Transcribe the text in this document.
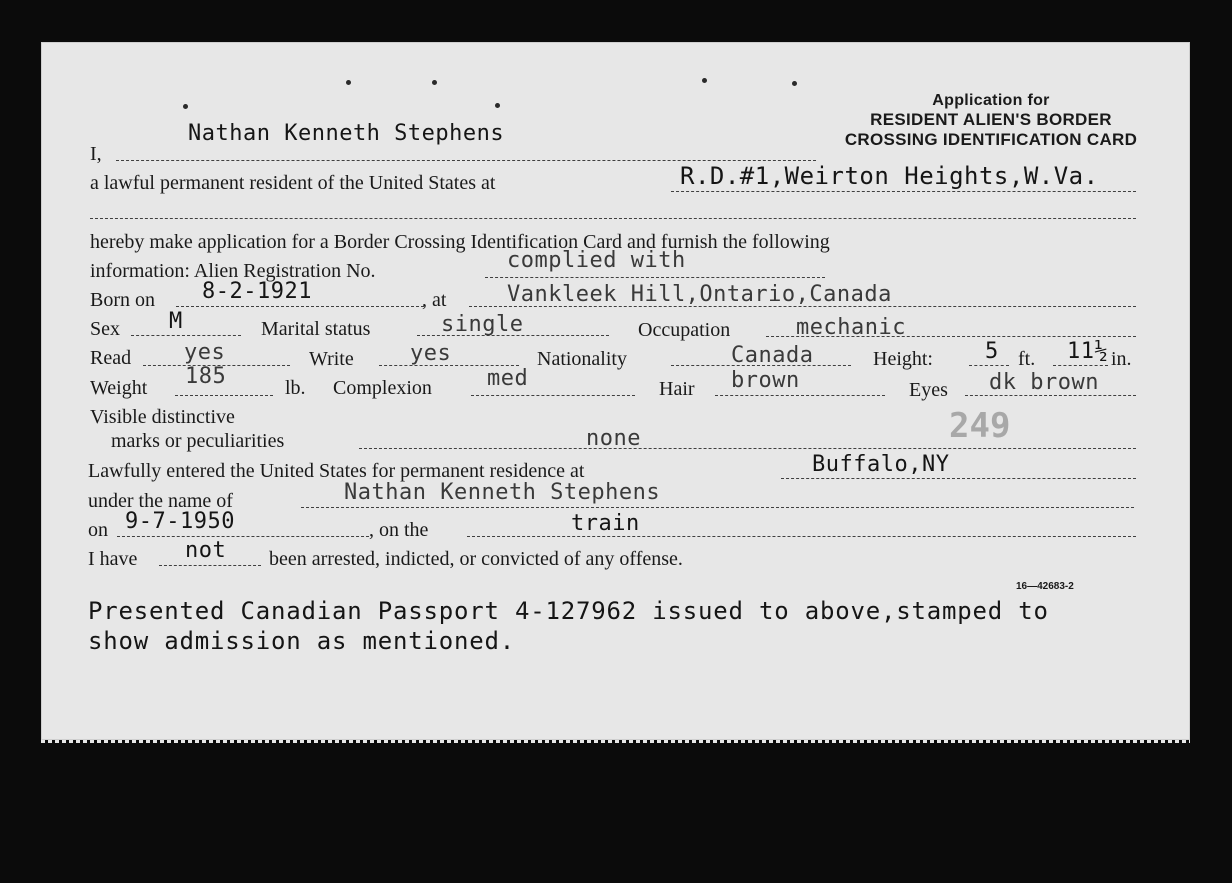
Application for
RESIDENT ALIEN'S BORDER
CROSSING IDENTIFICATION CARD
I,
Nathan Kenneth Stephens
a lawful permanent resident of the United States at	R.D.#1,Weirton Heights,W.Va.
hereby make application for a Border Crossing Identification Card and furnish the following
information: Alien Registration No.	complied with
Born on 8-2-1921	, at	Vankleek Hill,Ontario,Canada
Sex M	Marital status	single	Occupation	mechanic
Read yes	Write	yes	Nationality	Canada	Height: 5 ft. 11½ in.
Weight 185	lb. Complexion	med	Hair brown	Eyes dk brown
Visible distinctive
marks or peculiarities	none	249
Lawfully entered the United States for permanent residence at	Buffalo,NY
under the name of	Nathan Kenneth Stephens
on 9-7-1950	, on the	train
I have not been arrested, indicted, or convicted of any offense.
16—42683-2
Presented Canadian Passport 4-127962 issued to above,stamped to
show admission as mentioned.
